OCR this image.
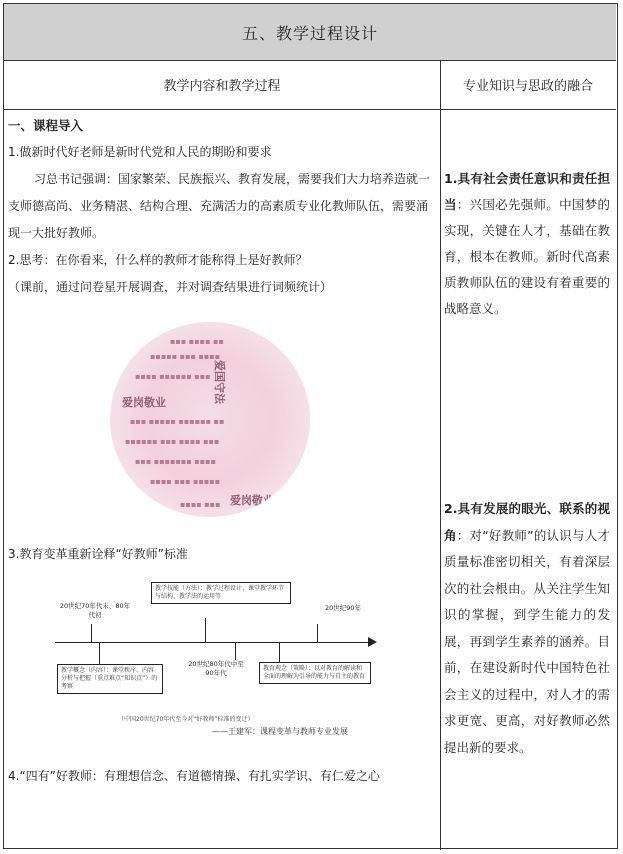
五、教学过程设计
教学内容和教学过程	专业知识与思政的融合
一、课程导入
1.做新时代好老师是新时代党和人民的期盼和要求
习总书记强调：国家繁荣、民族振兴、教育发展，需要我们大力培养造就一支师德高尚、业务精湛、结构合理、充满活力的高素质专业化教师队伍，需要涌现一大批好教师。
2.思考：在你看来，什么样的教师才能称得上是好教师？
（课前，通过问卷星开展调查，并对调查结果进行词频统计）
爱岗敬业	爱国守法
爱岗敬业
▪▪▪▪▪ ▪▪▪ ▪▪▪▪
▪▪▪▪ ▪▪▪▪▪▪ ▪▪▪
▪▪▪ ▪▪▪▪▪ ▪▪▪▪▪▪ ▪▪
▪▪▪▪▪▪ ▪▪▪ ▪▪▪▪ ▪▪▪
▪▪▪ ▪▪▪▪▪▪▪ ▪▪▪▪
▪▪▪▪ ▪▪▪ ▪▪▪▪▪
▪▪▪ ▪▪▪▪ ▪▪
▪▪▪▪ ▪▪▪
3.教育变革重新诠释“好教师”标准
20世纪70年代末、80年代初
教学技能（方法）：教学过程设计、课堂教学环节与结构、教学法的运用等
20世纪90年
教学概念（内容）：课堂秩序、内容分析与把握（重点难点“知识点”）的考察
20世纪80年代中至90年代
教育观念（策略）：以对教育的解读和全面的理解为引导的能力与自主的教育
（中国20世纪70年代至今对“好教师”标准的变迁）
——王建军：课程变革与教师专业发展
4.“四有”好教师：有理想信念、有道德情操、有扎实学识、有仁爱之心
1.具有社会责任意识和责任担当：兴国必先强师。中国梦的实现，关键在人才，基础在教育，根本在教师。新时代高素质教师队伍的建设有着重要的战略意义。
2.具有发展的眼光、联系的视角：对“好教师”的认识与人才质量标准密切相关，有着深层次的社会根由。从关注学生知识的掌握，到学生能力的发展，再到学生素养的涵养。目前，在建设新时代中国特色社会主义的过程中，对人才的需求更宽、更高，对好教师必然提出新的要求。
